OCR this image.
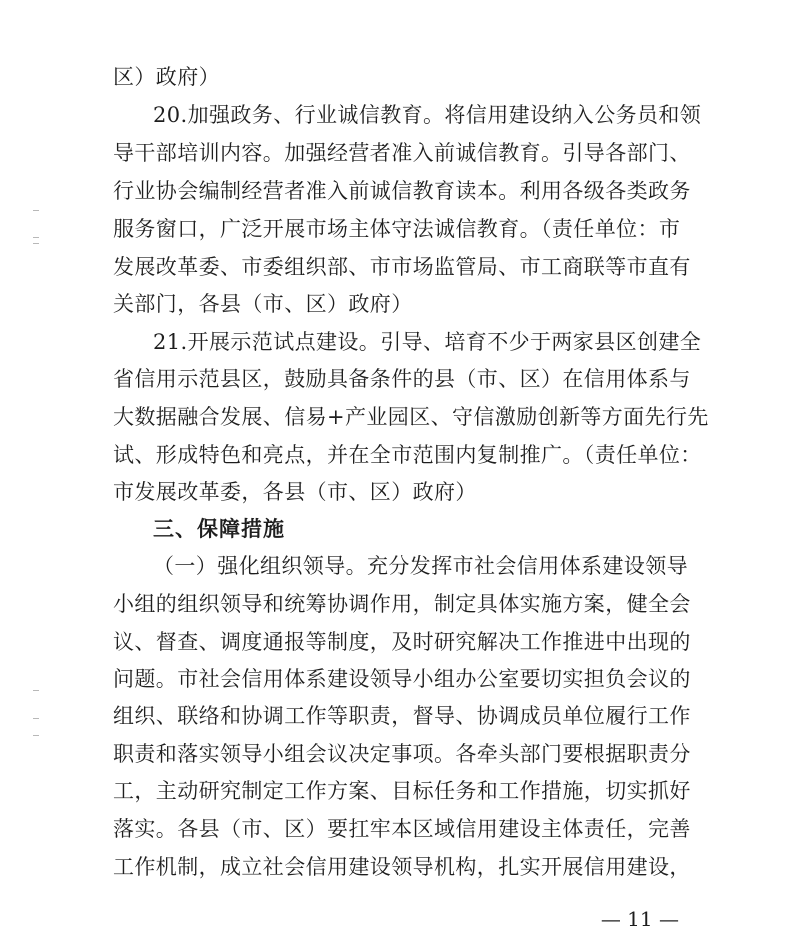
区）政府）
20.加强政务、行业诚信教育。将信用建设纳入公务员和领
导干部培训内容。加强经营者准入前诚信教育。引导各部门、
行业协会编制经营者准入前诚信教育读本。利用各级各类政务
服务窗口，广泛开展市场主体守法诚信教育。（责任单位：市
发展改革委、市委组织部、市市场监管局、市工商联等市直有
关部门，各县（市、区）政府）
21.开展示范试点建设。引导、培育不少于两家县区创建全
省信用示范县区，鼓励具备条件的县（市、区）在信用体系与
大数据融合发展、信易+产业园区、守信激励创新等方面先行先
试、形成特色和亮点，并在全市范围内复制推广。（责任单位：
市发展改革委，各县（市、区）政府）
三、保障措施
（一）强化组织领导。充分发挥市社会信用体系建设领导
小组的组织领导和统筹协调作用，制定具体实施方案，健全会
议、督查、调度通报等制度，及时研究解决工作推进中出现的
问题。市社会信用体系建设领导小组办公室要切实担负会议的
组织、联络和协调工作等职责，督导、协调成员单位履行工作
职责和落实领导小组会议决定事项。各牵头部门要根据职责分
工，主动研究制定工作方案、目标任务和工作措施，切实抓好
落实。各县（市、区）要扛牢本区域信用建设主体责任，完善
工作机制，成立社会信用建设领导机构，扎实开展信用建设，
— 11 —
